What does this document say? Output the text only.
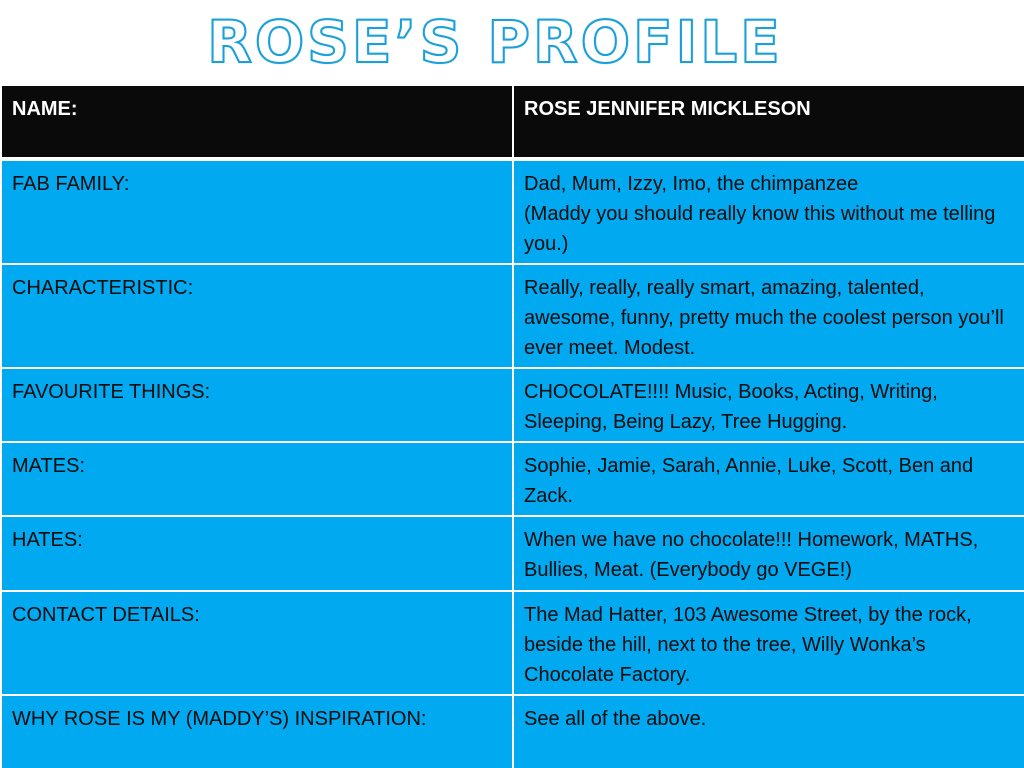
ROSE’S PROFILE
NAME:	ROSE JENNIFER MICKLESON
FAB FAMILY:	Dad, Mum, Izzy, Imo, the chimpanzee
(Maddy you should really know this without me telling you.)

CHARACTERISTIC:	Really, really, really smart, amazing, talented, awesome, funny, pretty much the coolest person you’ll ever meet. Modest.

FAVOURITE THINGS:	CHOCOLATE!!!! Music, Books, Acting, Writing, Sleeping, Being Lazy, Tree Hugging.

MATES:	Sophie, Jamie, Sarah, Annie, Luke, Scott, Ben and Zack.

HATES:	When we have no chocolate!!! Homework, MATHS, Bullies, Meat. (Everybody go VEGE!)

CONTACT DETAILS:	The Mad Hatter, 103 Awesome Street, by the rock, beside the hill, next to the tree, Willy Wonka’s Chocolate Factory.

WHY ROSE IS MY (MADDY’S) INSPIRATION:	See all of the above.
